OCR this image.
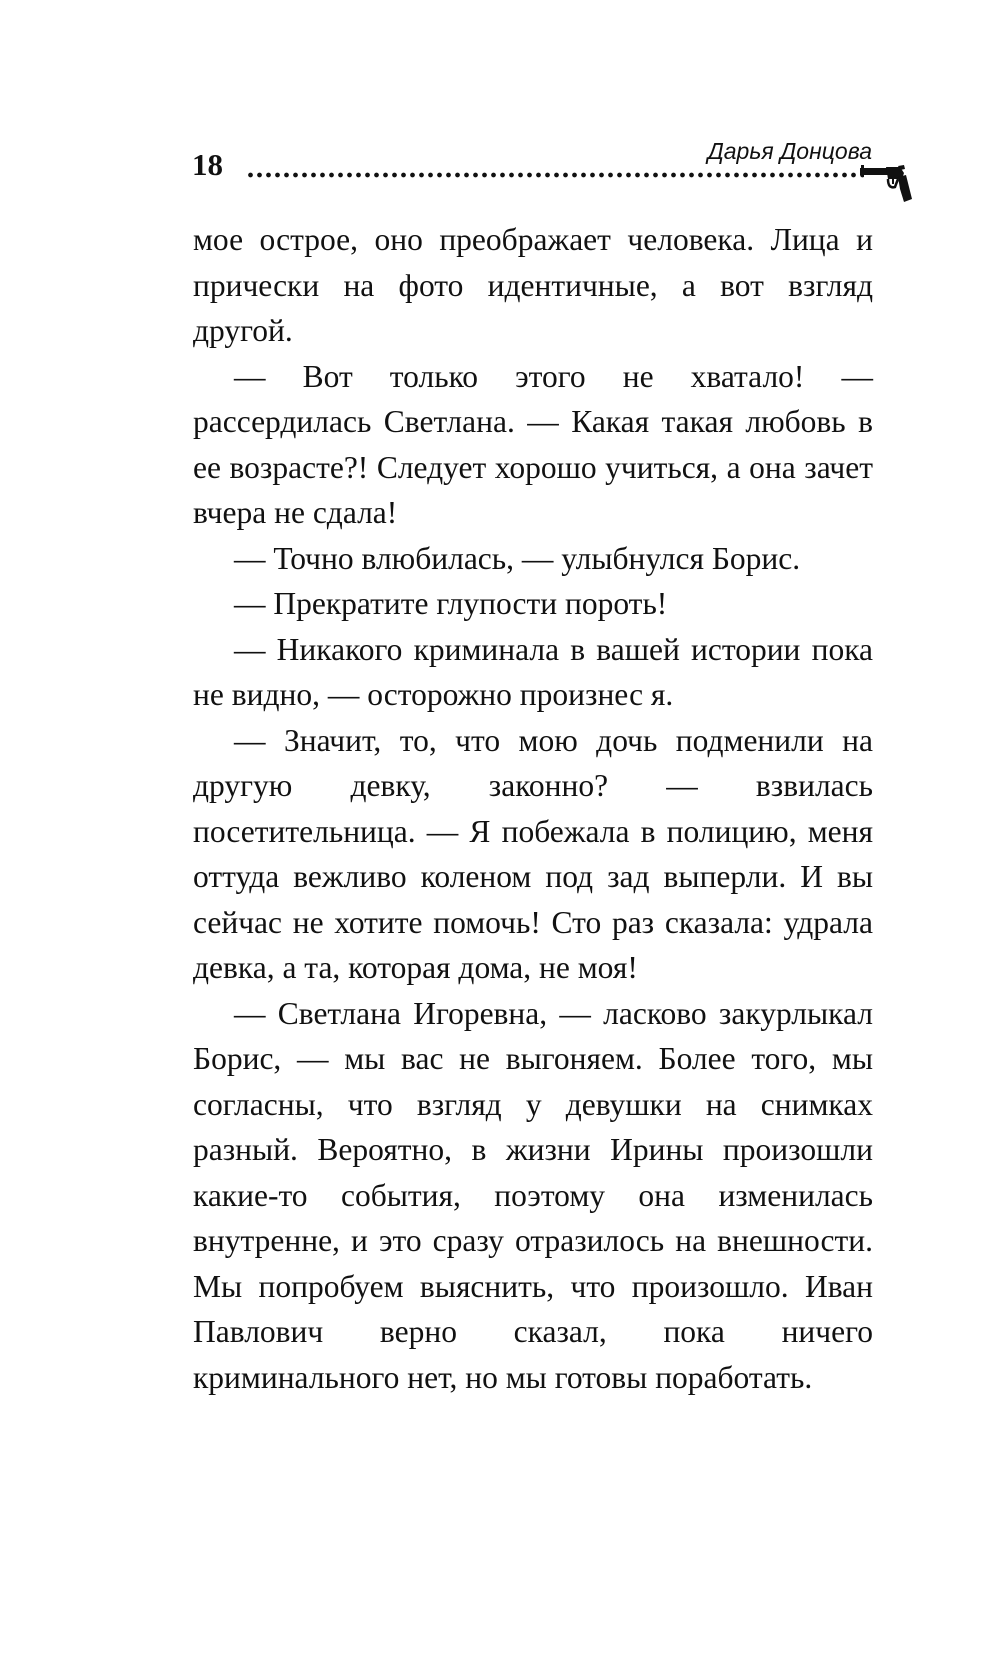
18	Дарья Донцова

мое острое, оно преображает человека. Лица и прически на фото идентичные, а вот взгляд другой.

— Вот только этого не хватало! — рассердилась Светлана. — Какая такая любовь в ее возрасте?! Следует хорошо учиться, а она зачет вчера не сдала!

— Точно влюбилась, — улыбнулся Борис.

— Прекратите глупости пороть!

— Никакого криминала в вашей истории пока не видно, — осторожно произнес я.

— Значит, то, что мою дочь подменили на другую девку, законно? — взвилась посетительница. — Я побежала в полицию, меня оттуда вежливо коленом под зад выперли. И вы сейчас не хотите помочь! Сто раз сказала: удрала девка, а та, которая дома, не моя!

— Светлана Игоревна, — ласково закурлыкал Борис, — мы вас не выгоняем. Более того, мы согласны, что взгляд у девушки на снимках разный. Вероятно, в жизни Ирины произошли какие-то события, поэтому она изменилась внутренне, и это сразу отразилось на внешности. Мы попробуем выяснить, что произошло. Иван Павлович верно сказал, пока ничего криминального нет, но мы готовы поработать.
